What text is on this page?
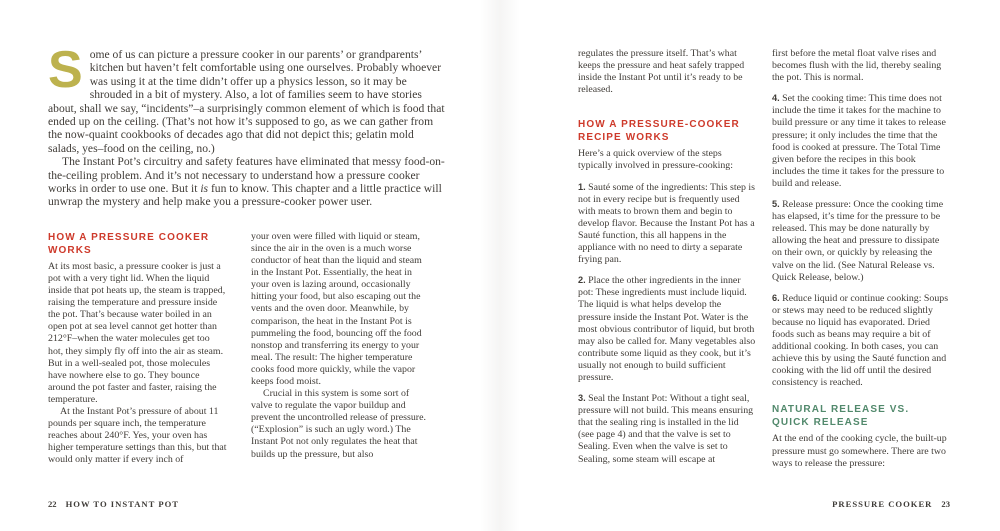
Some of us can picture a pressure cooker in our parents’ or grandparents’ kitchen but haven’t felt comfortable using one ourselves. Probably whoever was using it at the time didn’t offer up a physics lesson, so it may be shrouded in a bit of mystery. Also, a lot of families seem to have stories about, shall we say, “incidents”–a surprisingly common element of which is food that ended up on the ceiling. (That’s not how it’s supposed to go, as we can gather from the now-quaint cookbooks of decades ago that did not depict this; gelatin mold salads, yes–food on the ceiling, no.)

The Instant Pot’s circuitry and safety features have eliminated that messy food-on-the-ceiling problem. And it’s not necessary to understand how a pressure cooker works in order to use one. But it is fun to know. This chapter and a little practice will unwrap the mystery and help make you a pressure-cooker power user.

HOW A PRESSURE COOKER WORKS

At its most basic, a pressure cooker is just a pot with a very tight lid. When the liquid inside that pot heats up, the steam is trapped, raising the temperature and pressure inside the pot. That’s because water boiled in an open pot at sea level cannot get hotter than 212°F–when the water molecules get too hot, they simply fly off into the air as steam. But in a well-sealed pot, those molecules have nowhere else to go. They bounce around the pot faster and faster, raising the temperature.

At the Instant Pot’s pressure of about 11 pounds per square inch, the temperature reaches about 240°F. Yes, your oven has higher temperature settings than this, but that would only matter if every inch of

your oven were filled with liquid or steam, since the air in the oven is a much worse conductor of heat than the liquid and steam in the Instant Pot. Essentially, the heat in your oven is lazing around, occasionally hitting your food, but also escaping out the vents and the oven door. Meanwhile, by comparison, the heat in the Instant Pot is pummeling the food, bouncing off the food nonstop and transferring its energy to your meal. The result: The higher temperature cooks food more quickly, while the vapor keeps food moist.

Crucial in this system is some sort of valve to regulate the vapor buildup and prevent the uncontrolled release of pressure. (“Explosion” is such an ugly word.) The Instant Pot not only regulates the heat that builds up the pressure, but also

22 HOW TO INSTANT POT

regulates the pressure itself. That’s what keeps the pressure and heat safely trapped inside the Instant Pot until it’s ready to be released.

HOW A PRESSURE-COOKER RECIPE WORKS

Here’s a quick overview of the steps typically involved in pressure-cooking:

1. Sauté some of the ingredients: This step is not in every recipe but is frequently used with meats to brown them and begin to develop flavor. Because the Instant Pot has a Sauté function, this all happens in the appliance with no need to dirty a separate frying pan.

2. Place the other ingredients in the inner pot: These ingredients must include liquid. The liquid is what helps develop the pressure inside the Instant Pot. Water is the most obvious contributor of liquid, but broth may also be called for. Many vegetables also contribute some liquid as they cook, but it’s usually not enough to build sufficient pressure.

3. Seal the Instant Pot: Without a tight seal, pressure will not build. This means ensuring that the sealing ring is installed in the lid (see page 4) and that the valve is set to Sealing. Even when the valve is set to Sealing, some steam will escape at

first before the metal float valve rises and becomes flush with the lid, thereby sealing the pot. This is normal.

4. Set the cooking time: This time does not include the time it takes for the machine to build pressure or any time it takes to release pressure; it only includes the time that the food is cooked at pressure. The Total Time given before the recipes in this book includes the time it takes for the pressure to build and release.

5. Release pressure: Once the cooking time has elapsed, it’s time for the pressure to be released. This may be done naturally by allowing the heat and pressure to dissipate on their own, or quickly by releasing the valve on the lid. (See Natural Release vs. Quick Release, below.)

6. Reduce liquid or continue cooking: Soups or stews may need to be reduced slightly because no liquid has evaporated. Dried foods such as beans may require a bit of additional cooking. In both cases, you can achieve this by using the Sauté function and cooking with the lid off until the desired consistency is reached.

NATURAL RELEASE VS. QUICK RELEASE

At the end of the cooking cycle, the built-up pressure must go somewhere. There are two ways to release the pressure:

PRESSURE COOKER 23
